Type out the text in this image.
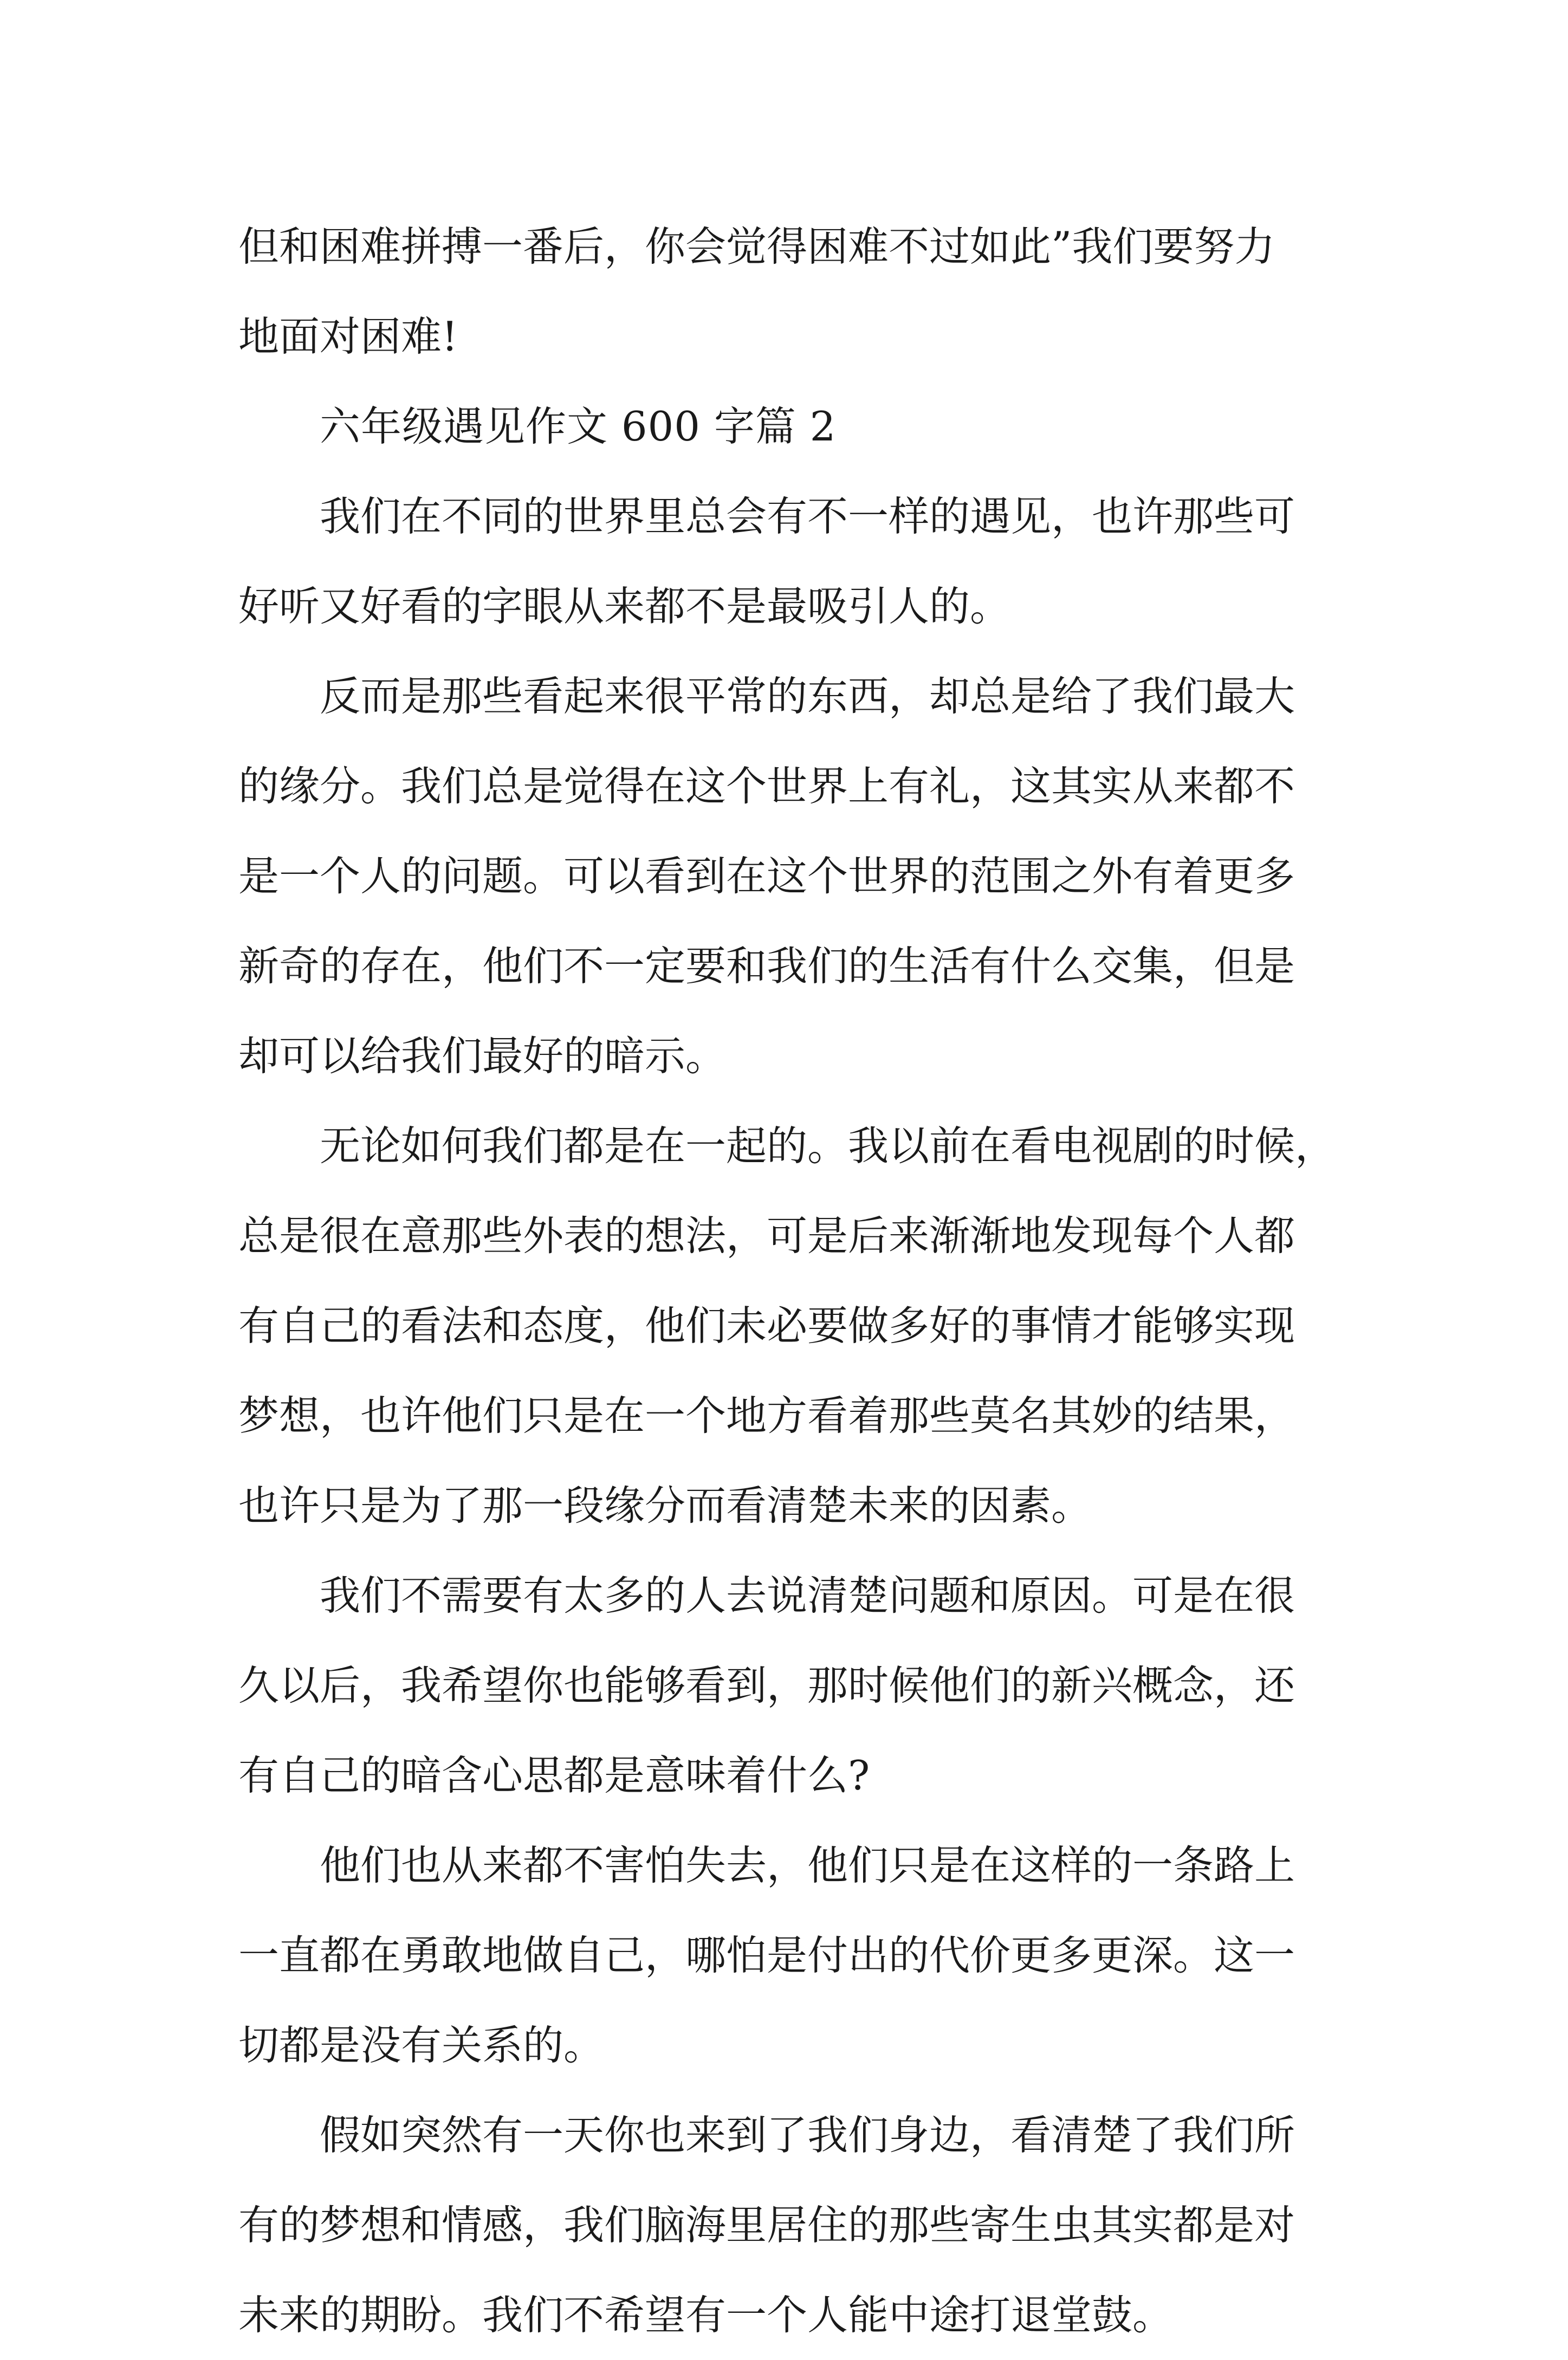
但和困难拼搏一番后，你会觉得困难不过如此”我们要努力
地面对困难!
六年级遇见作文 600 字篇 2
我们在不同的世界里总会有不一样的遇见，也许那些可
好听又好看的字眼从来都不是最吸引人的。
反而是那些看起来很平常的东西，却总是给了我们最大
的缘分。我们总是觉得在这个世界上有礼，这其实从来都不
是一个人的问题。可以看到在这个世界的范围之外有着更多
新奇的存在，他们不一定要和我们的生活有什么交集，但是
却可以给我们最好的暗示。
无论如何我们都是在一起的。我以前在看电视剧的时候，
总是很在意那些外表的想法，可是后来渐渐地发现每个人都
有自己的看法和态度，他们未必要做多好的事情才能够实现
梦想，也许他们只是在一个地方看着那些莫名其妙的结果，
也许只是为了那一段缘分而看清楚未来的因素。
我们不需要有太多的人去说清楚问题和原因。可是在很
久以后，我希望你也能够看到，那时候他们的新兴概念，还
有自己的暗含心思都是意味着什么?
他们也从来都不害怕失去，他们只是在这样的一条路上
一直都在勇敢地做自己，哪怕是付出的代价更多更深。这一
切都是没有关系的。
假如突然有一天你也来到了我们身边，看清楚了我们所
有的梦想和情感，我们脑海里居住的那些寄生虫其实都是对
未来的期盼。我们不希望有一个人能中途打退堂鼓。
